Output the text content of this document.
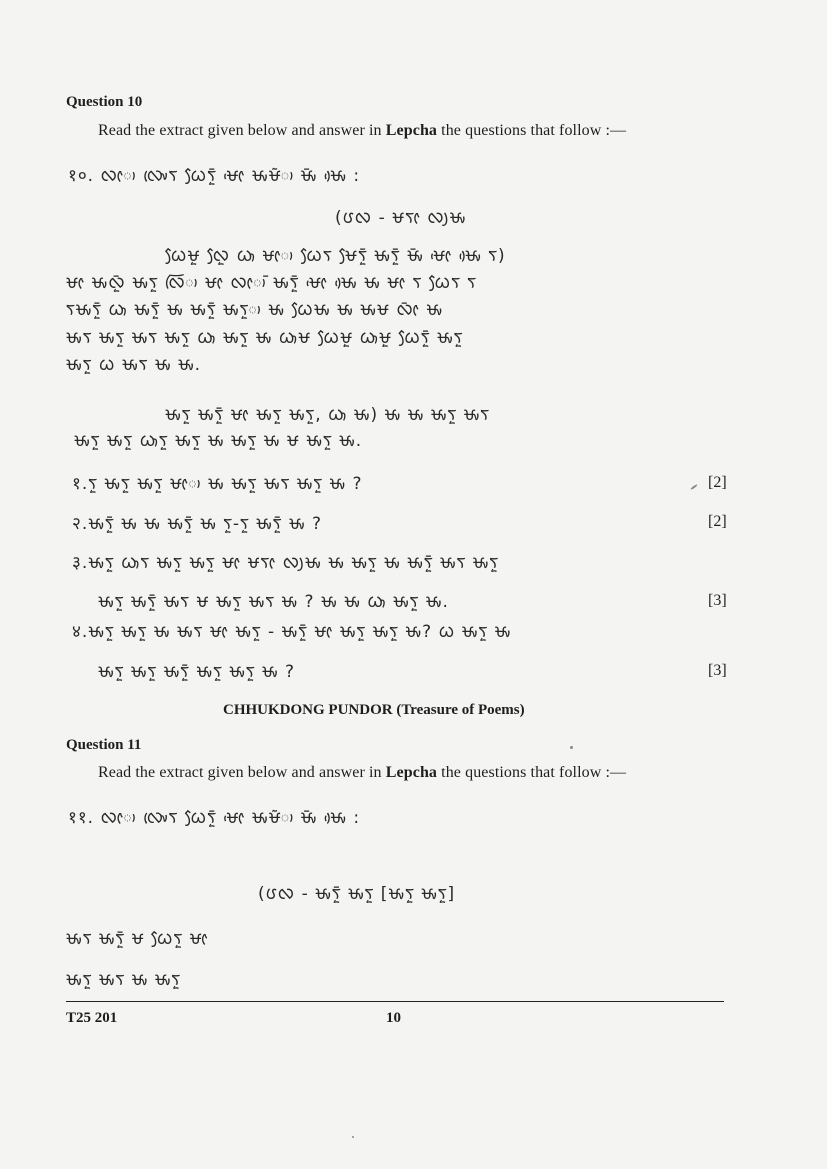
Question 10
Read the extract given below and answer in Lepcha the questions that follow :—
१०. ᰜᰦᰥ ᰜᰤᰨᰛ ᰃᰧᰛᰬᰳ ᰝᰦᰵ ᰝᰤᰝᰶᰥ ᰝᰤᰳ ᰝᰤᰴ :
(ᰂᰜ - ᰝᰛᰦ ᰜᰪᰝᰤ
ᰃᰧᰝᰬ ᰜᰧᰬ ᰃᰥ ᰝᰦᰥ ᰃᰧᰛ ᰝᰧᰛᰬᰳ ᰝᰤᰛᰬᰳ ᰝᰤᰳ ᰝᰦᰵ ᰝᰤᰴ ᰛ)
ᰝᰦ ᰝᰤᰜᰬᰳ ᰝᰤᰛᰬ ᰜᰩᰥ ᰝᰦ ᰜᰦᰥᰳ ᰝᰤᰛᰬᰳ ᰝᰦᰵ ᰝᰤᰴ ᰝᰤ ᰝᰦ ᰛ ᰃᰧᰛ ᰛ
ᰛᰝᰤᰛᰬᰳ ᰃᰥ ᰝᰤᰛᰬᰳ ᰝᰤ ᰝᰤᰛᰬᰳ ᰝᰤᰛᰬᰥ ᰝᰤ ᰃᰧᰝᰤ ᰝᰤ ᰝᰤᰝ ᰜᰦᰳ ᰝᰤ
ᰝᰤᰛ ᰝᰤᰛᰬ ᰝᰤᰛ ᰝᰤᰛᰬ ᰃᰥ ᰝᰤᰛᰬ ᰝᰤ ᰃᰥᰝ ᰃᰧᰝᰬ ᰃᰥᰝᰬ ᰃᰧᰛᰬᰳ ᰝᰤᰛᰬ
ᰝᰤᰛᰬ ᰃ ᰝᰤᰛ ᰝᰤ ᰝᰤ.
ᰝᰤᰛᰬ ᰝᰤᰛᰬᰳ ᰝᰦ ᰝᰤᰛᰬ ᰝᰤᰛᰬ, ᰃᰥ ᰝᰤ) ᰝᰤ ᰝᰤ ᰝᰤᰛᰬ ᰝᰤᰛ
ᰝᰤᰛᰬ ᰝᰤᰛᰬ ᰃᰥᰛᰬ ᰝᰤᰛᰬ ᰝᰤ ᰝᰤᰛᰬ ᰝᰤ ᰝ ᰝᰤᰛᰬ ᰝᰤ.
१.ᰛᰬ ᰝᰤᰛᰬ ᰝᰤᰛᰬ ᰝᰦᰥ ᰝᰤ ᰝᰤᰛᰬ ᰝᰤᰛ ᰝᰤᰛᰬ ᰝᰤ ?	[2]
२.ᰝᰤᰛᰬᰳ ᰝᰤ ᰝᰤ ᰝᰤᰛᰬᰳ ᰝᰤ ᰛᰬ-ᰛᰬ ᰝᰤᰛᰬᰳ ᰝᰤ ?	[2]
३.ᰝᰤᰛᰬ ᰃᰥᰛ ᰝᰤᰛᰬ ᰝᰤᰛᰬ ᰝᰦ ᰝᰛᰦ ᰜᰪᰝᰤ ᰝᰤ ᰝᰤᰛᰬ ᰝᰤ ᰝᰤᰛᰬᰳ ᰝᰤᰛ ᰝᰤᰛᰬ
ᰝᰤᰛᰬ ᰝᰤᰛᰬᰳ ᰝᰤᰛ ᰝ ᰝᰤᰛᰬ ᰝᰤᰛ ᰝᰤ ? ᰝᰤ ᰝᰤ ᰃᰥ ᰝᰤᰛᰬ ᰝᰤ.	[3]
४.ᰝᰤᰛᰬ ᰝᰤᰛᰬ ᰝᰤ ᰝᰤᰛ ᰝᰦ ᰝᰤᰛᰬ - ᰝᰤᰛᰬᰳ ᰝᰦ ᰝᰤᰛᰬ ᰝᰤᰛᰬ ᰝᰤ? ᰃ ᰝᰤᰛᰬ ᰝᰤ
ᰝᰤᰛᰬ ᰝᰤᰛᰬ ᰝᰤᰛᰬᰳ ᰝᰤᰛᰬ ᰝᰤᰛᰬ ᰝᰤ ?	[3]
CHHUKDONG PUNDOR (Treasure of Poems)
Question 11
Read the extract given below and answer in Lepcha the questions that follow :—
११. ᰜᰦᰥ ᰜᰤᰨᰛ ᰃᰧᰛᰬᰳ ᰝᰦᰵ ᰝᰤᰝᰶᰥ ᰝᰤᰳ ᰝᰤᰴ :
(ᰂᰜ - ᰝᰤᰛᰬᰳ ᰝᰤᰛᰬ [ᰝᰤᰛᰬ ᰝᰤᰛᰬ]
ᰝᰤᰛ ᰝᰤᰛᰬᰳ ᰝ ᰃᰧᰛᰬ ᰝᰦ
ᰝᰤᰛᰬ ᰝᰤᰛ ᰝᰤ ᰝᰤᰛᰬ
T25 201	10
